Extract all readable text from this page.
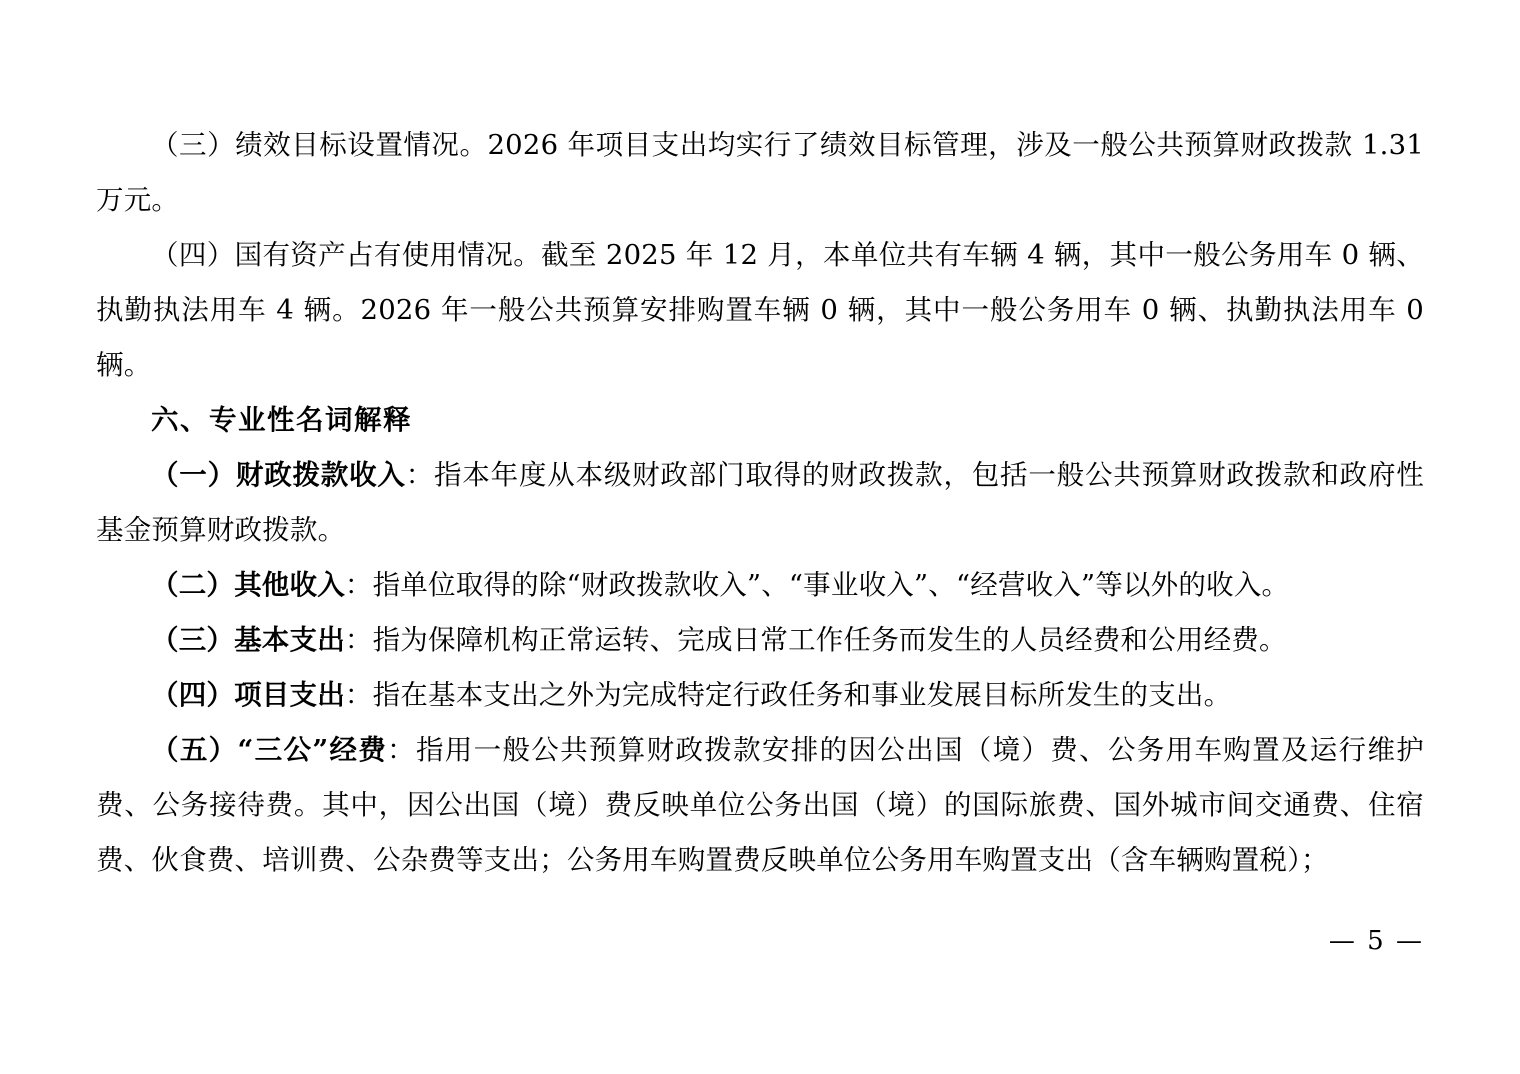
（三）绩效目标设置情况。2026 年项目支出均实行了绩效目标管理，涉及一般公共预算财政拨款 1.31 万元。

（四）国有资产占有使用情况。截至 2025 年 12 月，本单位共有车辆 4 辆，其中一般公务用车 0 辆、执勤执法用车 4 辆。2026 年一般公共预算安排购置车辆 0 辆，其中一般公务用车 0 辆、执勤执法用车 0 辆。

六、专业性名词解释

（一）财政拨款收入：指本年度从本级财政部门取得的财政拨款，包括一般公共预算财政拨款和政府性基金预算财政拨款。

（二）其他收入：指单位取得的除“财政拨款收入”、“事业收入”、“经营收入”等以外的收入。

（三）基本支出：指为保障机构正常运转、完成日常工作任务而发生的人员经费和公用经费。

（四）项目支出：指在基本支出之外为完成特定行政任务和事业发展目标所发生的支出。

（五）“三公”经费：指用一般公共预算财政拨款安排的因公出国（境）费、公务用车购置及运行维护费、公务接待费。其中，因公出国（境）费反映单位公务出国（境）的国际旅费、国外城市间交通费、住宿费、伙食费、培训费、公杂费等支出；公务用车购置费反映单位公务用车购置支出（含车辆购置税）；

— 5 —
